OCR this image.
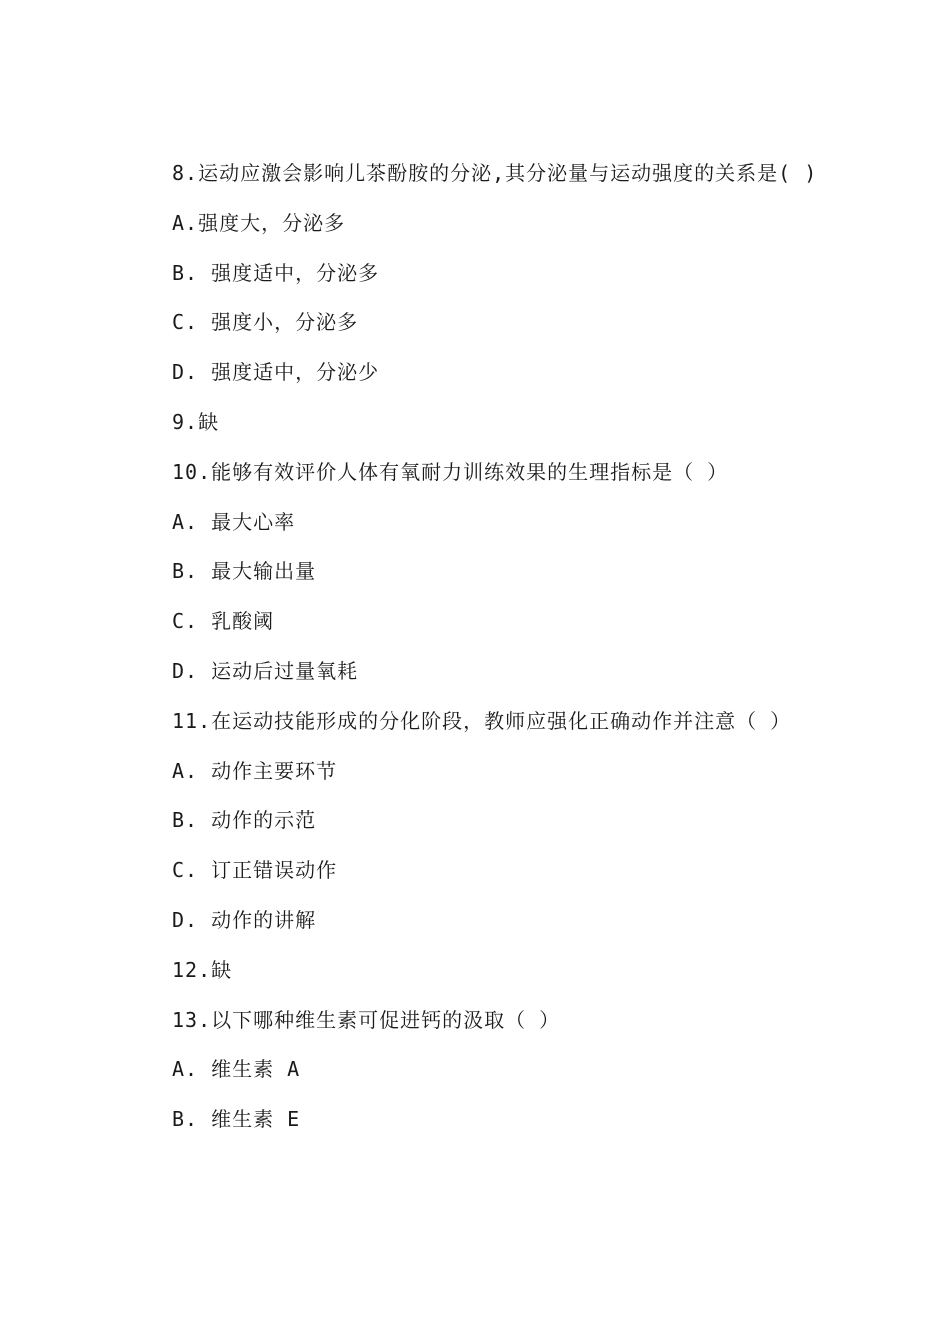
8.运动应激会影响儿茶酚胺的分泌,其分泌量与运动强度的关系是( )
A.强度大，分泌多
B. 强度适中，分泌多
C. 强度小，分泌多
D. 强度适中，分泌少
9.缺
10.能够有效评价人体有氧耐力训练效果的生理指标是（ ）
A. 最大心率
B. 最大输出量
C. 乳酸阈
D. 运动后过量氧耗
11.在运动技能形成的分化阶段，教师应强化正确动作并注意（ ）
A. 动作主要环节
B. 动作的示范
C. 订正错误动作
D. 动作的讲解
12.缺
13.以下哪种维生素可促进钙的汲取（ ）
A. 维生素 A
B. 维生素 E
